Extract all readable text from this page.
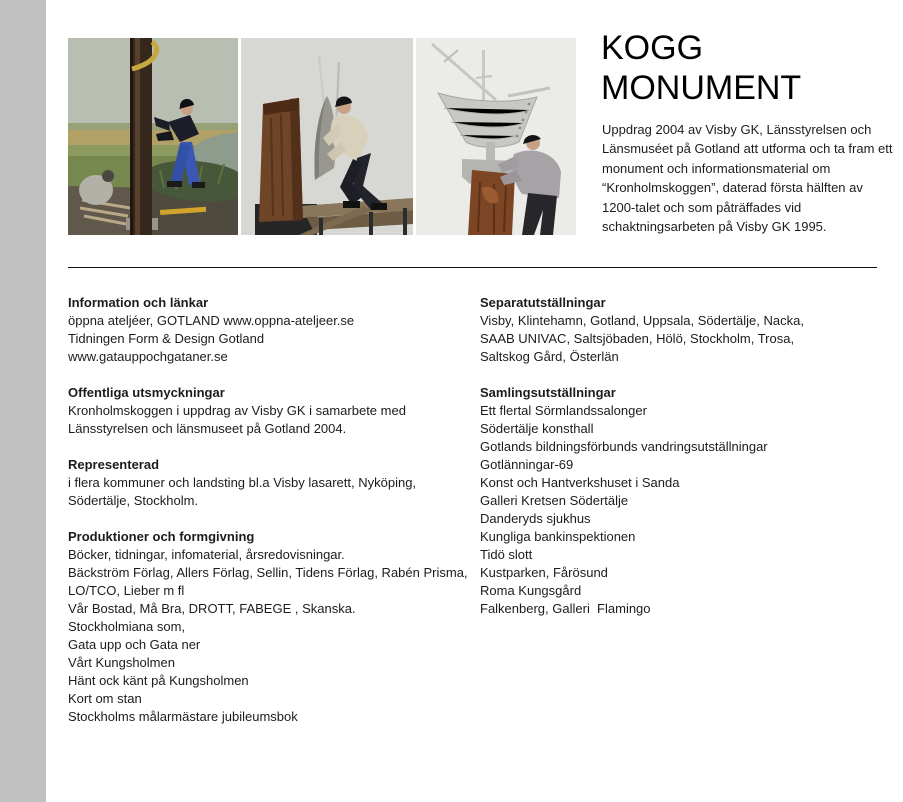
KOGG
MONUMENT
Uppdrag 2004 av Visby GK, Länsstyrelsen och
Länsmuséet på Gotland att utforma och ta fram ett
monument och informationsmaterial om
“Kronholmskoggen”, daterad första hälften av
1200-talet och som påträffades vid
schaktningsarbeten på Visby GK 1995.
Information och länkar
öppna ateljéer, GOTLAND www.oppna-ateljeer.se
Tidningen Form & Design Gotland
www.gatauppochgataner.se
Offentliga utsmyckningar
Kronholmskoggen i uppdrag av Visby GK i samarbete med
Länsstyrelsen och länsmuseet på Gotland 2004.
Representerad
i flera kommuner och landsting bl.a Visby lasarett, Nyköping,
Södertälje, Stockholm.
Produktioner och formgivning
Böcker, tidningar, infomaterial, årsredovisningar.
Bäckström Förlag, Allers Förlag, Sellin, Tidens Förlag, Rabén Prisma,
LO/TCO, Lieber m fl
Vår Bostad, Må Bra, DROTT, FABEGE , Skanska.
Stockholmiana som,
Gata upp och Gata ner
Vårt Kungsholmen
Hänt ock känt på Kungsholmen
Kort om stan
Stockholms målarmästare jubileumsbok
Separatutställningar
Visby, Klintehamn, Gotland, Uppsala, Södertälje, Nacka,
SAAB UNIVAC, Saltsjöbaden, Hölö, Stockholm, Trosa,
Saltskog Gård, Österlän
Samlingsutställningar
Ett flertal Sörmlandssalonger
Södertälje konsthall
Gotlands bildningsförbunds vandringsutställningar
Gotlänningar-69
Konst och Hantverkshuset i Sanda
Galleri Kretsen Södertälje
Danderyds sjukhus
Kungliga bankinspektionen
Tidö slott
Kustparken, Fårösund
Roma Kungsgård
Falkenberg, Galleri  Flamingo
